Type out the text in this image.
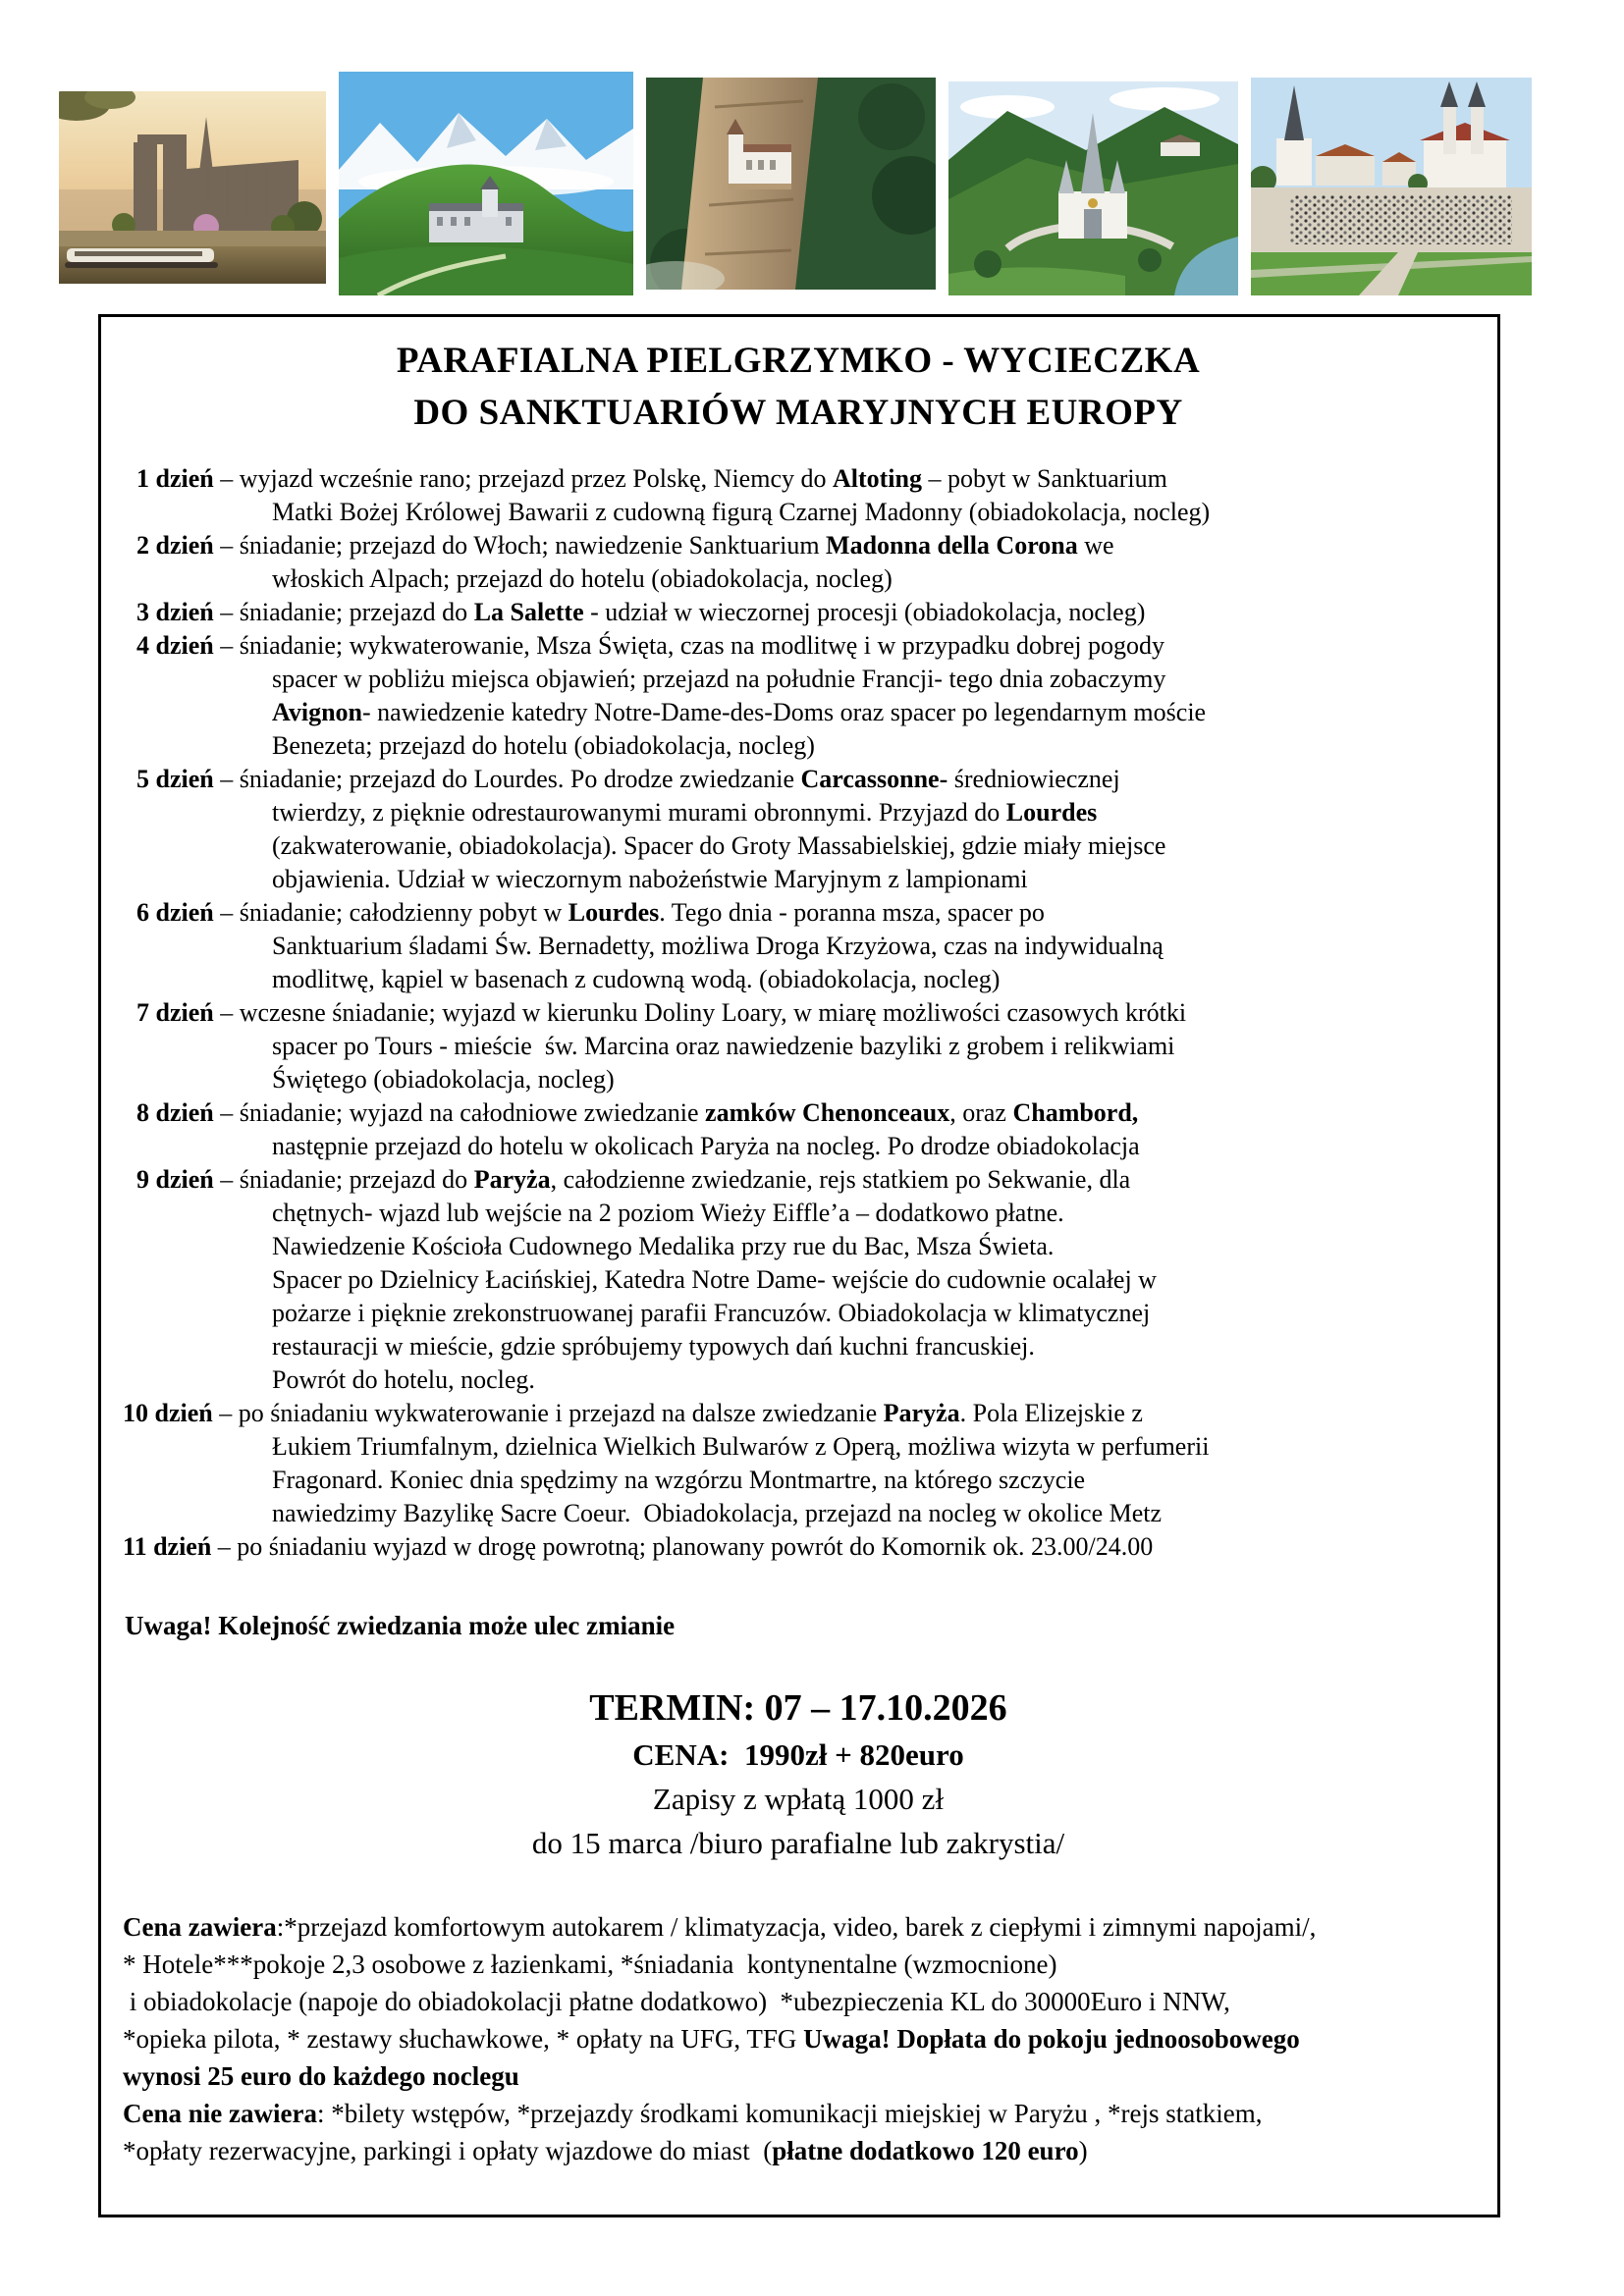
PARAFIALNA PIELGRZYMKO - WYCIECZKA
DO SANKTUARIÓW MARYJNYCH EUROPY
1 dzień – wyjazd wcześnie rano; przejazd przez Polskę, Niemcy do Altoting – pobyt w Sanktuarium
Matki Bożej Królowej Bawarii z cudowną figurą Czarnej Madonny (obiadokolacja, nocleg)
2 dzień – śniadanie; przejazd do Włoch; nawiedzenie Sanktuarium Madonna della Corona we
włoskich Alpach; przejazd do hotelu (obiadokolacja, nocleg)
3 dzień – śniadanie; przejazd do La Salette - udział w wieczornej procesji (obiadokolacja, nocleg)
4 dzień – śniadanie; wykwaterowanie, Msza Święta, czas na modlitwę i w przypadku dobrej pogody
spacer w pobliżu miejsca objawień; przejazd na południe Francji- tego dnia zobaczymy
Avignon- nawiedzenie katedry Notre-Dame-des-Doms oraz spacer po legendarnym moście
Benezeta; przejazd do hotelu (obiadokolacja, nocleg)
5 dzień – śniadanie; przejazd do Lourdes. Po drodze zwiedzanie Carcassonne- średniowiecznej
twierdzy, z pięknie odrestaurowanymi murami obronnymi. Przyjazd do Lourdes
(zakwaterowanie, obiadokolacja). Spacer do Groty Massabielskiej, gdzie miały miejsce
objawienia. Udział w wieczornym nabożeństwie Maryjnym z lampionami
6 dzień – śniadanie; całodzienny pobyt w Lourdes. Tego dnia - poranna msza, spacer po
Sanktuarium śladami Św. Bernadetty, możliwa Droga Krzyżowa, czas na indywidualną
modlitwę, kąpiel w basenach z cudowną wodą. (obiadokolacja, nocleg)
7 dzień – wczesne śniadanie; wyjazd w kierunku Doliny Loary, w miarę możliwości czasowych krótki
spacer po Tours - mieście  św. Marcina oraz nawiedzenie bazyliki z grobem i relikwiami
Świętego (obiadokolacja, nocleg)
8 dzień – śniadanie; wyjazd na całodniowe zwiedzanie zamków Chenonceaux, oraz Chambord,
następnie przejazd do hotelu w okolicach Paryża na nocleg. Po drodze obiadokolacja
9 dzień – śniadanie; przejazd do Paryża, całodzienne zwiedzanie, rejs statkiem po Sekwanie, dla
chętnych- wjazd lub wejście na 2 poziom Wieży Eiffle’a – dodatkowo płatne.
Nawiedzenie Kościoła Cudownego Medalika przy rue du Bac, Msza Świeta.
Spacer po Dzielnicy Łacińskiej, Katedra Notre Dame- wejście do cudownie ocalałej w
pożarze i pięknie zrekonstruowanej parafii Francuzów. Obiadokolacja w klimatycznej
restauracji w mieście, gdzie spróbujemy typowych dań kuchni francuskiej.
Powrót do hotelu, nocleg.
10 dzień – po śniadaniu wykwaterowanie i przejazd na dalsze zwiedzanie Paryża. Pola Elizejskie z
Łukiem Triumfalnym, dzielnica Wielkich Bulwarów z Operą, możliwa wizyta w perfumerii
Fragonard. Koniec dnia spędzimy na wzgórzu Montmartre, na którego szczycie
nawiedzimy Bazylikę Sacre Coeur.  Obiadokolacja, przejazd na nocleg w okolice Metz
11 dzień – po śniadaniu wyjazd w drogę powrotną; planowany powrót do Komornik ok. 23.00/24.00
Uwaga! Kolejność zwiedzania może ulec zmianie
TERMIN: 07 – 17.10.2026
CENA:  1990zł + 820euro
Zapisy z wpłatą 1000 zł
do 15 marca /biuro parafialne lub zakrystia/
Cena zawiera:*przejazd komfortowym autokarem / klimatyzacja, video, barek z ciepłymi i zimnymi napojami/,
* Hotele***pokoje 2,3 osobowe z łazienkami, *śniadania  kontynentalne (wzmocnione)
i obiadokolacje (napoje do obiadokolacji płatne dodatkowo)  *ubezpieczenia KL do 30000Euro i NNW,
*opieka pilota, * zestawy słuchawkowe, * opłaty na UFG, TFG Uwaga! Dopłata do pokoju jednoosobowego
wynosi 25 euro do każdego noclegu
Cena nie zawiera: *bilety wstępów, *przejazdy środkami komunikacji miejskiej w Paryżu , *rejs statkiem,
*opłaty rezerwacyjne, parkingi i opłaty wjazdowe do miast  (płatne dodatkowo 120 euro)
